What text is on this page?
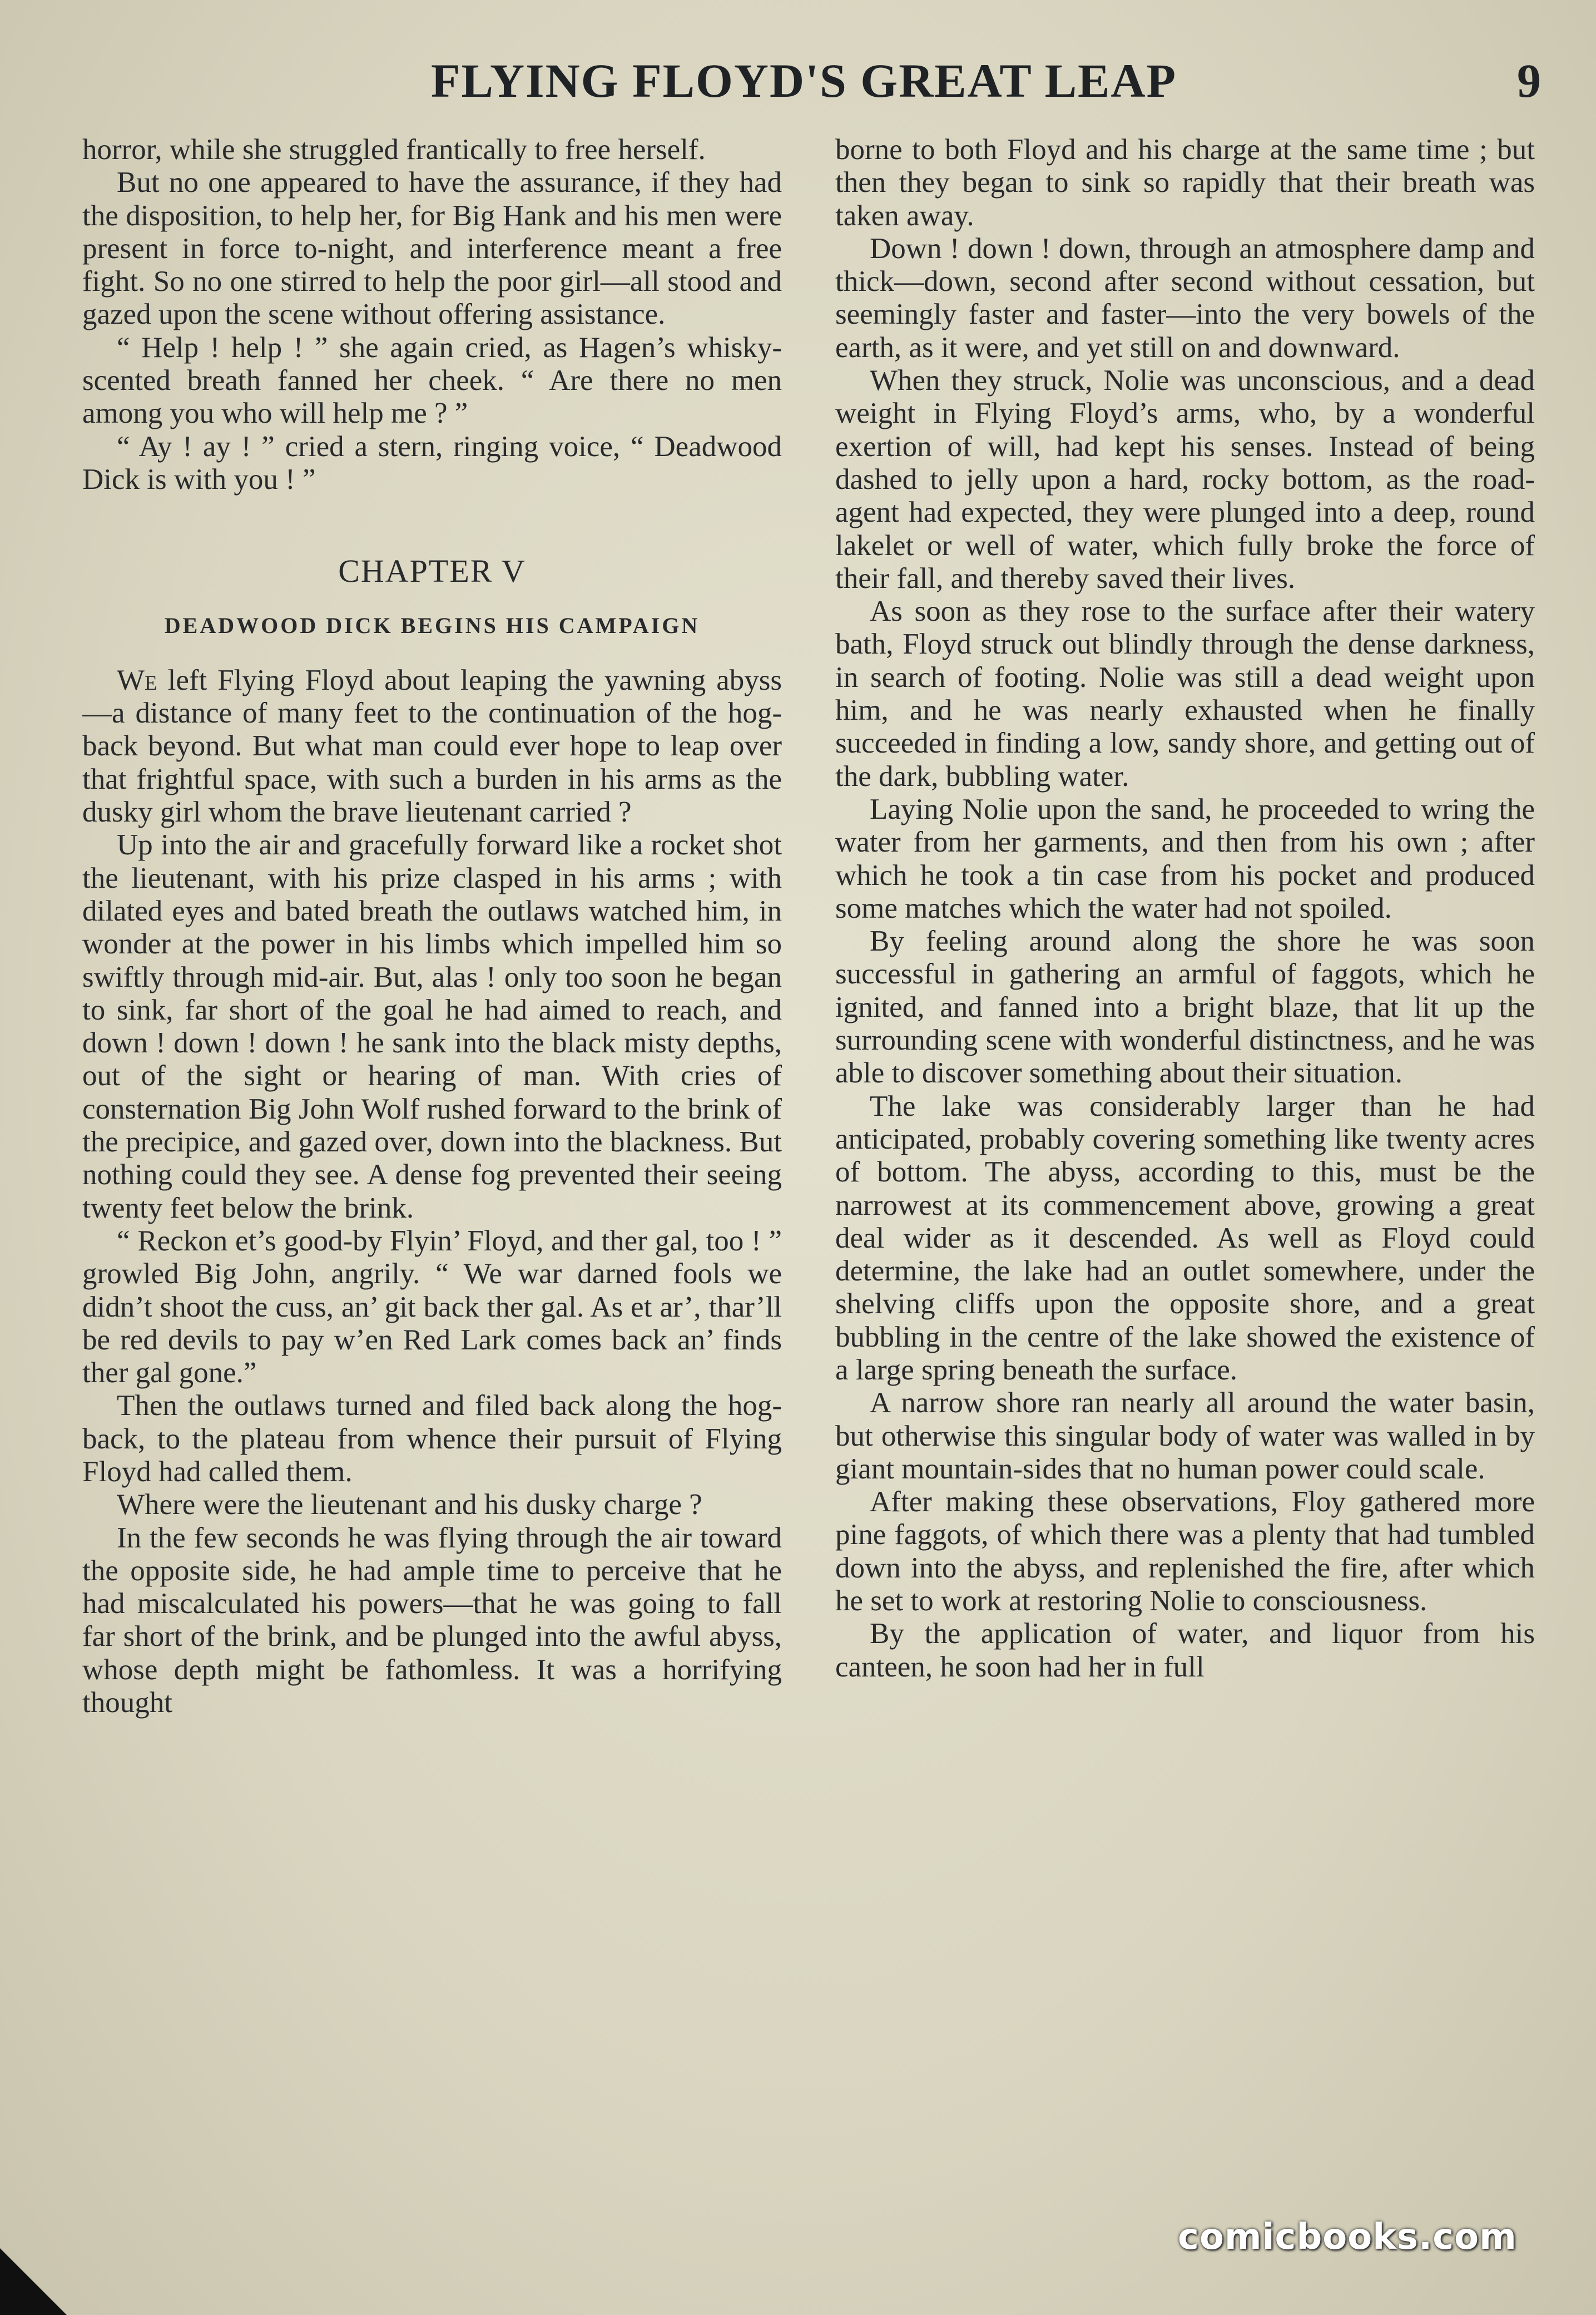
FLYING FLOYD'S GREAT LEAP	9

horror, while she struggled frantically to free herself.

But no one appeared to have the assurance, if they had the disposition, to help her, for Big Hank and his men were present in force to-night, and interference meant a free fight. So no one stirred to help the poor girl—all stood and gazed upon the scene without offering assistance.

“ Help ! help ! ” she again cried, as Hagen’s whisky-scented breath fanned her cheek. “ Are there no men among you who will help me ? ”

“ Ay ! ay ! ” cried a stern, ringing voice, “ Deadwood Dick is with you ! ”

CHAPTER V
DEADWOOD DICK BEGINS HIS CAMPAIGN

We left Flying Floyd about leaping the yawning abyss—a distance of many feet to the continuation of the hog-back beyond. But what man could ever hope to leap over that frightful space, with such a burden in his arms as the dusky girl whom the brave lieutenant carried ?

Up into the air and gracefully forward like a rocket shot the lieutenant, with his prize clasped in his arms ; with dilated eyes and bated breath the outlaws watched him, in wonder at the power in his limbs which impelled him so swiftly through mid-air. But, alas ! only too soon he began to sink, far short of the goal he had aimed to reach, and down ! down ! down ! he sank into the black misty depths, out of the sight or hearing of man. With cries of consternation Big John Wolf rushed forward to the brink of the precipice, and gazed over, down into the blackness. But nothing could they see. A dense fog prevented their seeing twenty feet below the brink.

“ Reckon et’s good-by Flyin’ Floyd, and ther gal, too ! ” growled Big John, angrily. “ We war darned fools we didn’t shoot the cuss, an’ git back ther gal. As et ar’, thar’ll be red devils to pay w’en Red Lark comes back an’ finds ther gal gone.”

Then the outlaws turned and filed back along the hog-back, to the plateau from whence their pursuit of Flying Floyd had called them.

Where were the lieutenant and his dusky charge ?

In the few seconds he was flying through the air toward the opposite side, he had ample time to perceive that he had miscalculated his powers—that he was going to fall far short of the brink, and be plunged into the awful abyss, whose depth might be fathomless. It was a horrifying thought

borne to both Floyd and his charge at the same time ; but then they began to sink so rapidly that their breath was taken away.

Down ! down ! down, through an atmosphere damp and thick—down, second after second without cessation, but seemingly faster and faster—into the very bowels of the earth, as it were, and yet still on and downward.

When they struck, Nolie was unconscious, and a dead weight in Flying Floyd’s arms, who, by a wonderful exertion of will, had kept his senses. Instead of being dashed to jelly upon a hard, rocky bottom, as the road-agent had expected, they were plunged into a deep, round lakelet or well of water, which fully broke the force of their fall, and thereby saved their lives.

As soon as they rose to the surface after their watery bath, Floyd struck out blindly through the dense darkness, in search of footing. Nolie was still a dead weight upon him, and he was nearly exhausted when he finally succeeded in finding a low, sandy shore, and getting out of the dark, bubbling water.

Laying Nolie upon the sand, he proceeded to wring the water from her garments, and then from his own ; after which he took a tin case from his pocket and produced some matches which the water had not spoiled.

By feeling around along the shore he was soon successful in gathering an armful of faggots, which he ignited, and fanned into a bright blaze, that lit up the surrounding scene with wonderful distinctness, and he was able to discover something about their situation.

The lake was considerably larger than he had anticipated, probably covering something like twenty acres of bottom. The abyss, according to this, must be the narrowest at its commencement above, growing a great deal wider as it descended. As well as Floyd could determine, the lake had an outlet somewhere, under the shelving cliffs upon the opposite shore, and a great bubbling in the centre of the lake showed the existence of a large spring beneath the surface.

A narrow shore ran nearly all around the water basin, but otherwise this singular body of water was walled in by giant mountain-sides that no human power could scale.

After making these observations, Floy gathered more pine faggots, of which there was a plenty that had tumbled down into the abyss, and replenished the fire, after which he set to work at restoring Nolie to consciousness.

By the application of water, and liquor from his canteen, he soon had her in full

comicbooks.com
